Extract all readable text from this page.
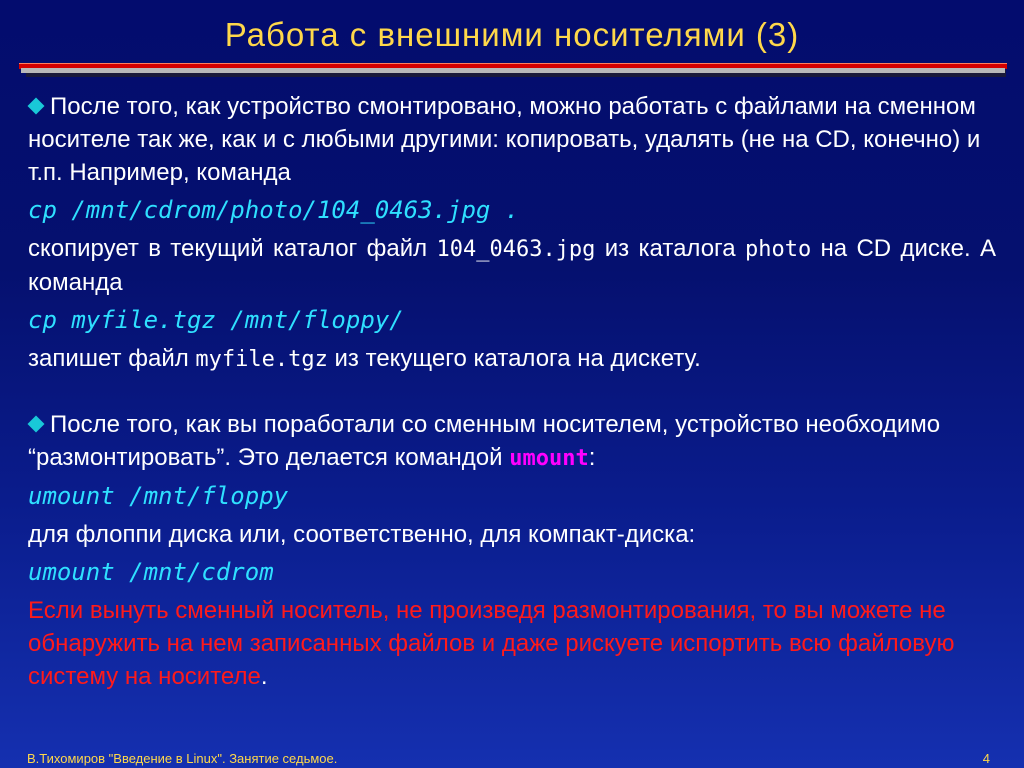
Работа с внешними носителями (3)

После того, как устройство смонтировано, можно работать с файлами на сменном носителе так же, как и с любыми другими: копировать, удалять (не на CD, конечно) и т.п. Например, команда

cp /mnt/cdrom/photo/104_0463.jpg .

скопирует в текущий каталог файл 104_0463.jpg из каталога photo на CD диске. А команда

cp myfile.tgz /mnt/floppy/

запишет файл myfile.tgz из текущего каталога на дискету.

После того, как вы поработали со сменным носителем, устройство необходимо “размонтировать”. Это делается командой umount:

umount /mnt/floppy

для флоппи диска или, соответственно, для компакт-диска:

umount /mnt/cdrom

Если вынуть сменный носитель, не произведя размонтирования, то вы можете не обнаружить на нем записанных файлов и даже рискуете испортить всю файловую систему на носителе.

В.Тихомиров "Введение в Linux". Занятие седьмое.	4
